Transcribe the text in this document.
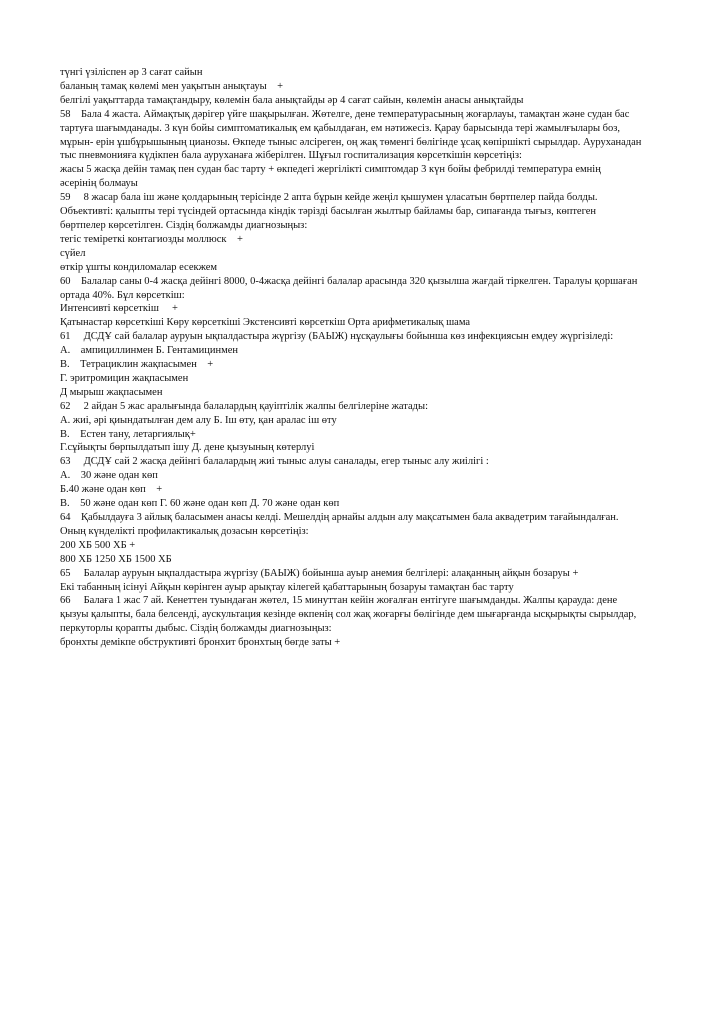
түнгі үзіліспен әр 3 сағат сайын
баланың тамақ көлемі мен уақытын анықтауы    +
белгілі уақыттарда тамақтандыру, көлемін бала анықтайды әр 4 сағат сайын, көлемін анасы анықтайды
58    Бала 4 жаста. Аймақтық дәрігер үйге шақырылған. Жөтелге, дене температурасының жоғарлауы, тамақтан және судан бас
тартуға шағымданады. 3 күн бойы симптоматикалық ем қабылдаған, ем нәтижесіз. Қарау барысында тері жамылғылары боз,
мұрын- ерін ұшбұрышының цианозы. Өкпеде тыныс әлсіреген, оң жақ төменгі бөлігінде ұсақ көпіршікті сырылдар. Ауруханадан
тыс пневмонияға күдікпен бала ауруханаға жіберілген. Шұғыл госпитализация көрсеткішін көрсетіңіз:
жасы 5 жасқа дейін тамақ пен судан бас тарту + өкпедегі жергілікті симптомдар 3 күн бойы фебрилді температура емнің
әсерінің болмауы
59     8 жасар бала іш және қолдарының терісінде 2 апта бұрын кейде жеңіл қышумен ұласатын бөртпелер пайда болды.
Объективті: қалыпты тері түсіндей ортасында кіндік тәрізді басылған жылтыр байламы бар, сипағанда тығыз, көптеген
бөртпелер көрсетілген. Сіздің болжамды диагнозыңыз:
тегіс теміреткі контагиозды моллюск    +
сүйел
өткір ұшты кондиломалар есекжем
60    Балалар саны 0-4 жасқа дейінгі 8000, 0-4жасқа дейінгі балалар арасында 320 қызылша жағдай тіркелген. Таралуы қоршаған
ортада 40%. Бұл көрсеткіш:
Интенсивті көрсеткіш     +
Қатынастар көрсеткіші Көру көрсеткіші Экстенсивті көрсеткіш Орта арифметикалық шама
61     ДСДҰ сай балалар ауруын ықпалдастыра жүргізу (БАЫЖ) нұсқаулығы бойынша көз инфекциясын емдеу жүргізіледі:
А.    ампициллинмен Б. Гентамицинмен
В.    Тетрациклин жақпасымен    +
Г. эритромицин жақпасымен
Д мырыш жақпасымен
62     2 айдан 5 жас аралығында балалардың қауіптілік жалпы белгілеріне жатады:
А. жиі, әрі қиындатылған дем алу Б. Іш өту, қан аралас іш өту
В.    Естен тану, летаргиялық+
Г.сұйықты бөрпылдатып ішу Д. дене қызуының көтерлуі
63     ДСДҰ сай 2 жасқа дейінгі балалардың жиі тыныс алуы саналады, егер тыныс алу жиілігі :
А.    30 және одан көп
Б.40 және одан көп    +
В.    50 және одан көп Г. 60 және одан көп Д. 70 және одан көп
64    Қабылдауға 3 айлық баласымен анасы келді. Мешелдің арнайы алдын алу мақсатымен бала аквадетрим тағайындалған.
Оның күнделікті профилактикалық дозасын көрсетіңіз:
200 ХБ 500 ХБ +
800 ХБ 1250 ХБ 1500 ХБ
65     Балалар ауруын ықпалдастыра жүргізу (БАЫЖ) бойынша ауыр анемия белгілері: алақанның айқын бозаруы +
Екі табанның ісінуі Айқын көрінген ауыр арықтау кілегей қабаттарының бозаруы тамақтан бас тарту
66     Балаға 1 жас 7 ай. Кенеттен туындаған жөтел, 15 минуттан кейін жоғалған ентігуге шағымданды. Жалпы қарауда: дене
қызуы қалыпты, бала белсенді, аускультация кезінде өкпенің сол жақ жоғарғы бөлігінде дем шығарғанда ысқырықты сырылдар,
перкуторлы қорапты дыбыс. Сіздің болжамды диагнозыңыз:
бронхты демікпе обструктивті бронхит бронхтың бөгде заты +
